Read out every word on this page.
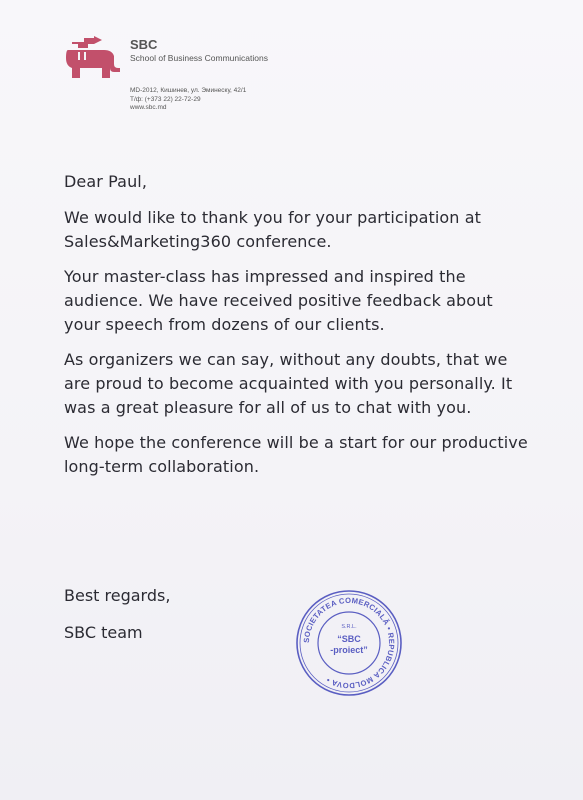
SBC
School of Business Communications
MD-2012, Кишинев, ул. Эминеску, 42/1
Т/ф: (+373 22) 22-72-29
www.sbc.md

Dear Paul,

We would like to thank you for your participation at Sales&Marketing360 conference.

Your master-class has impressed and inspired the audience. We have received positive feedback about your speech from dozens of our clients.

As organizers we can say, without any doubts, that we are proud to become acquainted with you personally. It was a great pleasure for all of us to chat with you.

We hope the conference will be a start for our productive long-term collaboration.

Best regards,
SBC team	SOCIETATEA COMERCIALĂ • REPUBLICA MOLDOVA •
S.R.L.
“SBC
-proiect”
